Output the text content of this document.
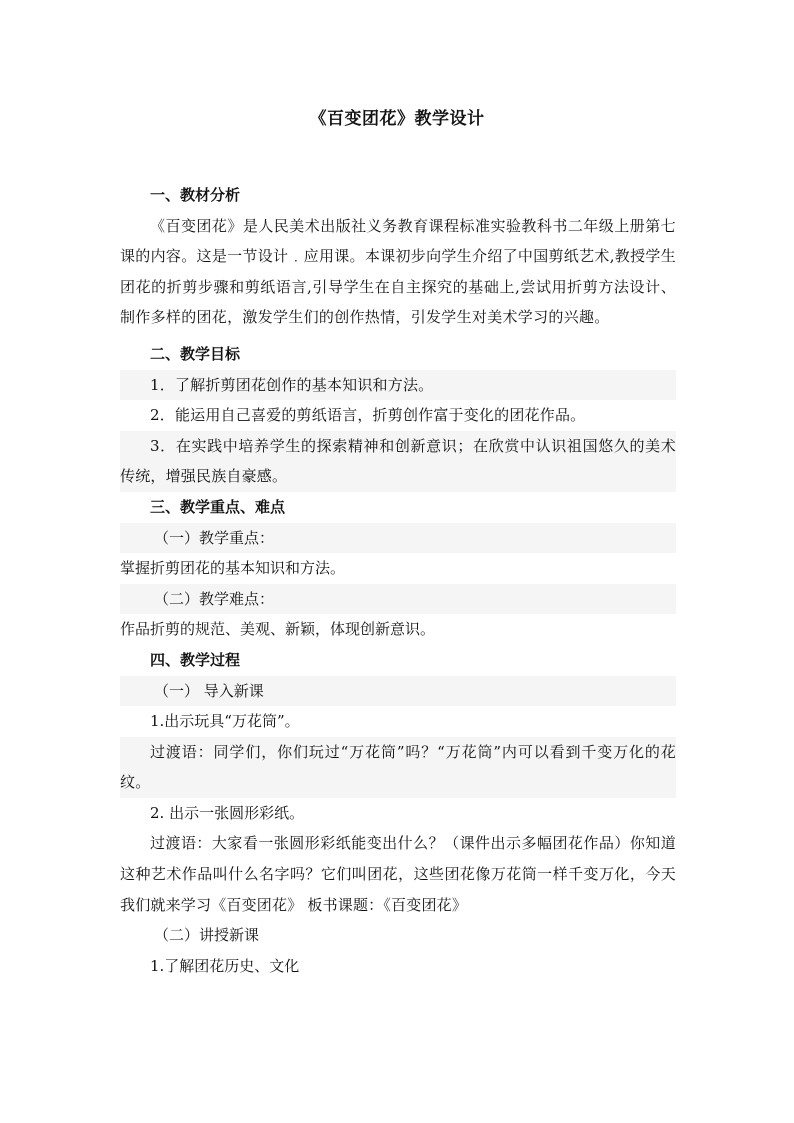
《百变团花》教学设计
一、教材分析

《百变团花》是人民美术出版社义务教育课程标准实验教科书二年级上册第七课的内容。这是一节设计﹒应用课。本课初步向学生介绍了中国剪纸艺术,教授学生团花的折剪步骤和剪纸语言,引导学生在自主探究的基础上,尝试用折剪方法设计、制作多样的团花，激发学生们的创作热情，引发学生对美术学习的兴趣。

二、教学目标

1．了解折剪团花创作的基本知识和方法。

2．能运用自己喜爱的剪纸语言，折剪创作富于变化的团花作品。

3．在实践中培养学生的探索精神和创新意识；在欣赏中认识祖国悠久的美术传统，增强民族自豪感。

三、教学重点、难点

（一）教学重点：

掌握折剪团花的基本知识和方法。

（二）教学难点：

作品折剪的规范、美观、新颖，体现创新意识。

四、教学过程

（一） 导入新课

1.出示玩具“万花筒”。

过渡语：同学们，你们玩过“万花筒”吗？“万花筒”内可以看到千变万化的花纹。

2. 出示一张圆形彩纸。

过渡语：大家看一张圆形彩纸能变出什么？（课件出示多幅团花作品）你知道这种艺术作品叫什么名字吗？它们叫团花，这些团花像万花筒一样千变万化，今天我们就来学习《百变团花》 板书课题：《百变团花》

（二）讲授新课

1.了解团花历史、文化
